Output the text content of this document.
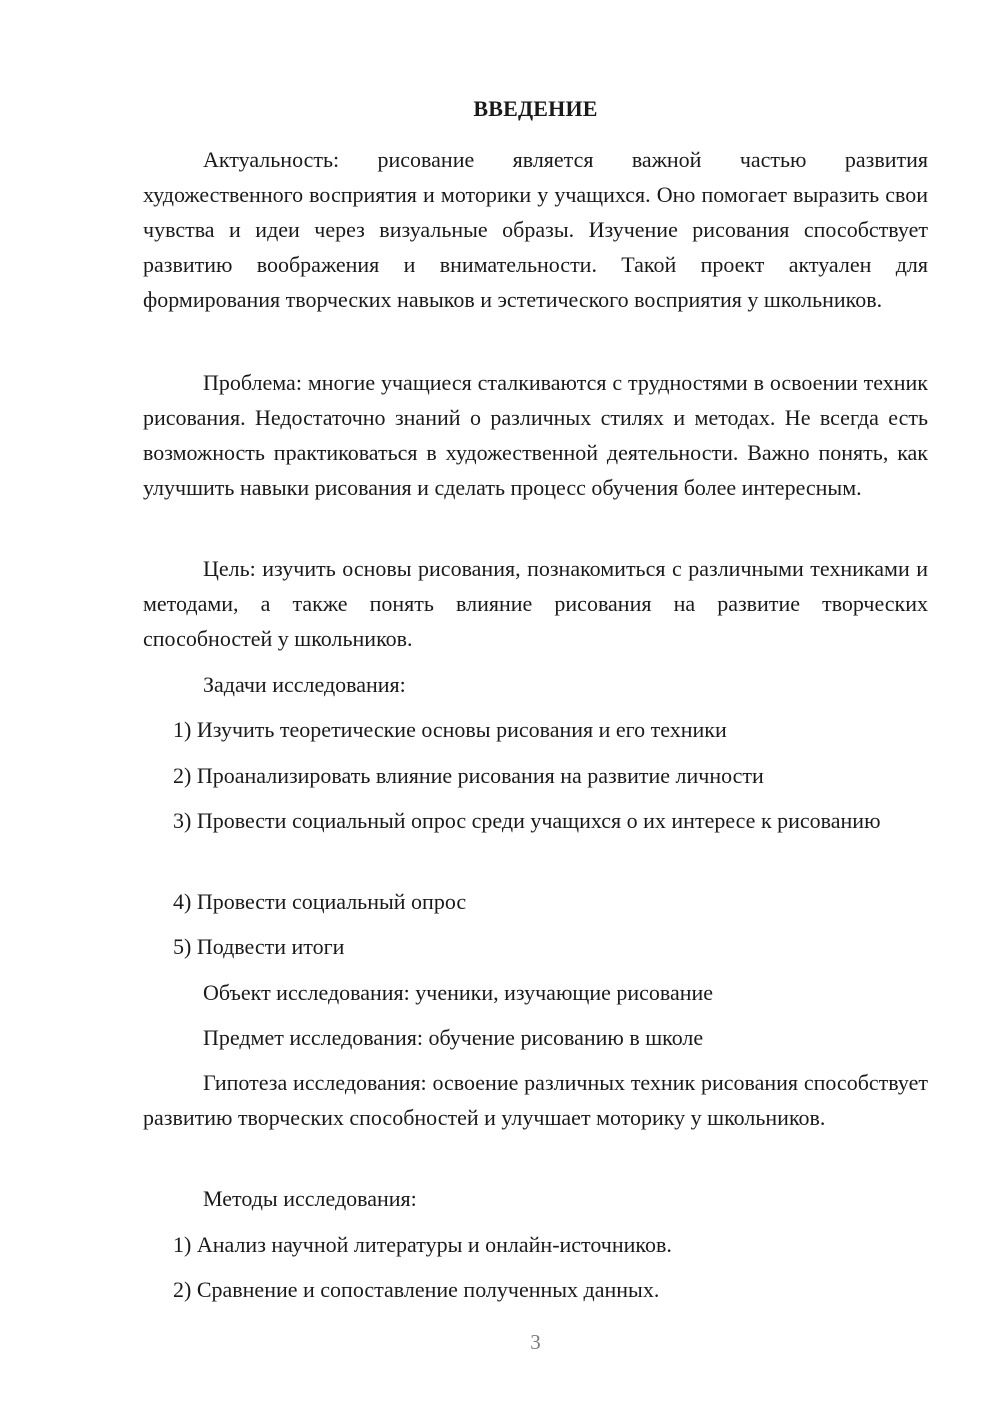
ВВЕДЕНИЕ
Актуальность: рисование является важной частью развития художественного восприятия и моторики у учащихся. Оно помогает выразить свои чувства и идеи через визуальные образы. Изучение рисования способствует развитию воображения и внимательности. Такой проект актуален для формирования творческих навыков и эстетического восприятия у школьников.
Проблема: многие учащиеся сталкиваются с трудностями в освоении техник рисования. Недостаточно знаний о различных стилях и методах. Не всегда есть возможность практиковаться в художественной деятельности. Важно понять, как улучшить навыки рисования и сделать процесс обучения более интересным.
Цель: изучить основы рисования, познакомиться с различными техниками и методами, а также понять влияние рисования на развитие творческих способностей у школьников.
Задачи исследования:
1) Изучить теоретические основы рисования и его техники
2) Проанализировать влияние рисования на развитие личности
3) Провести социальный опрос среди учащихся о их интересе к рисованию
4) Провести социальный опрос
5) Подвести итоги
Объект исследования: ученики, изучающие рисование
Предмет исследования: обучение рисованию в школе
Гипотеза исследования: освоение различных техник рисования способствует развитию творческих способностей и улучшает моторику у школьников.
Методы исследования:
1) Анализ научной литературы и онлайн-источников.
2) Сравнение и сопоставление полученных данных.
3
